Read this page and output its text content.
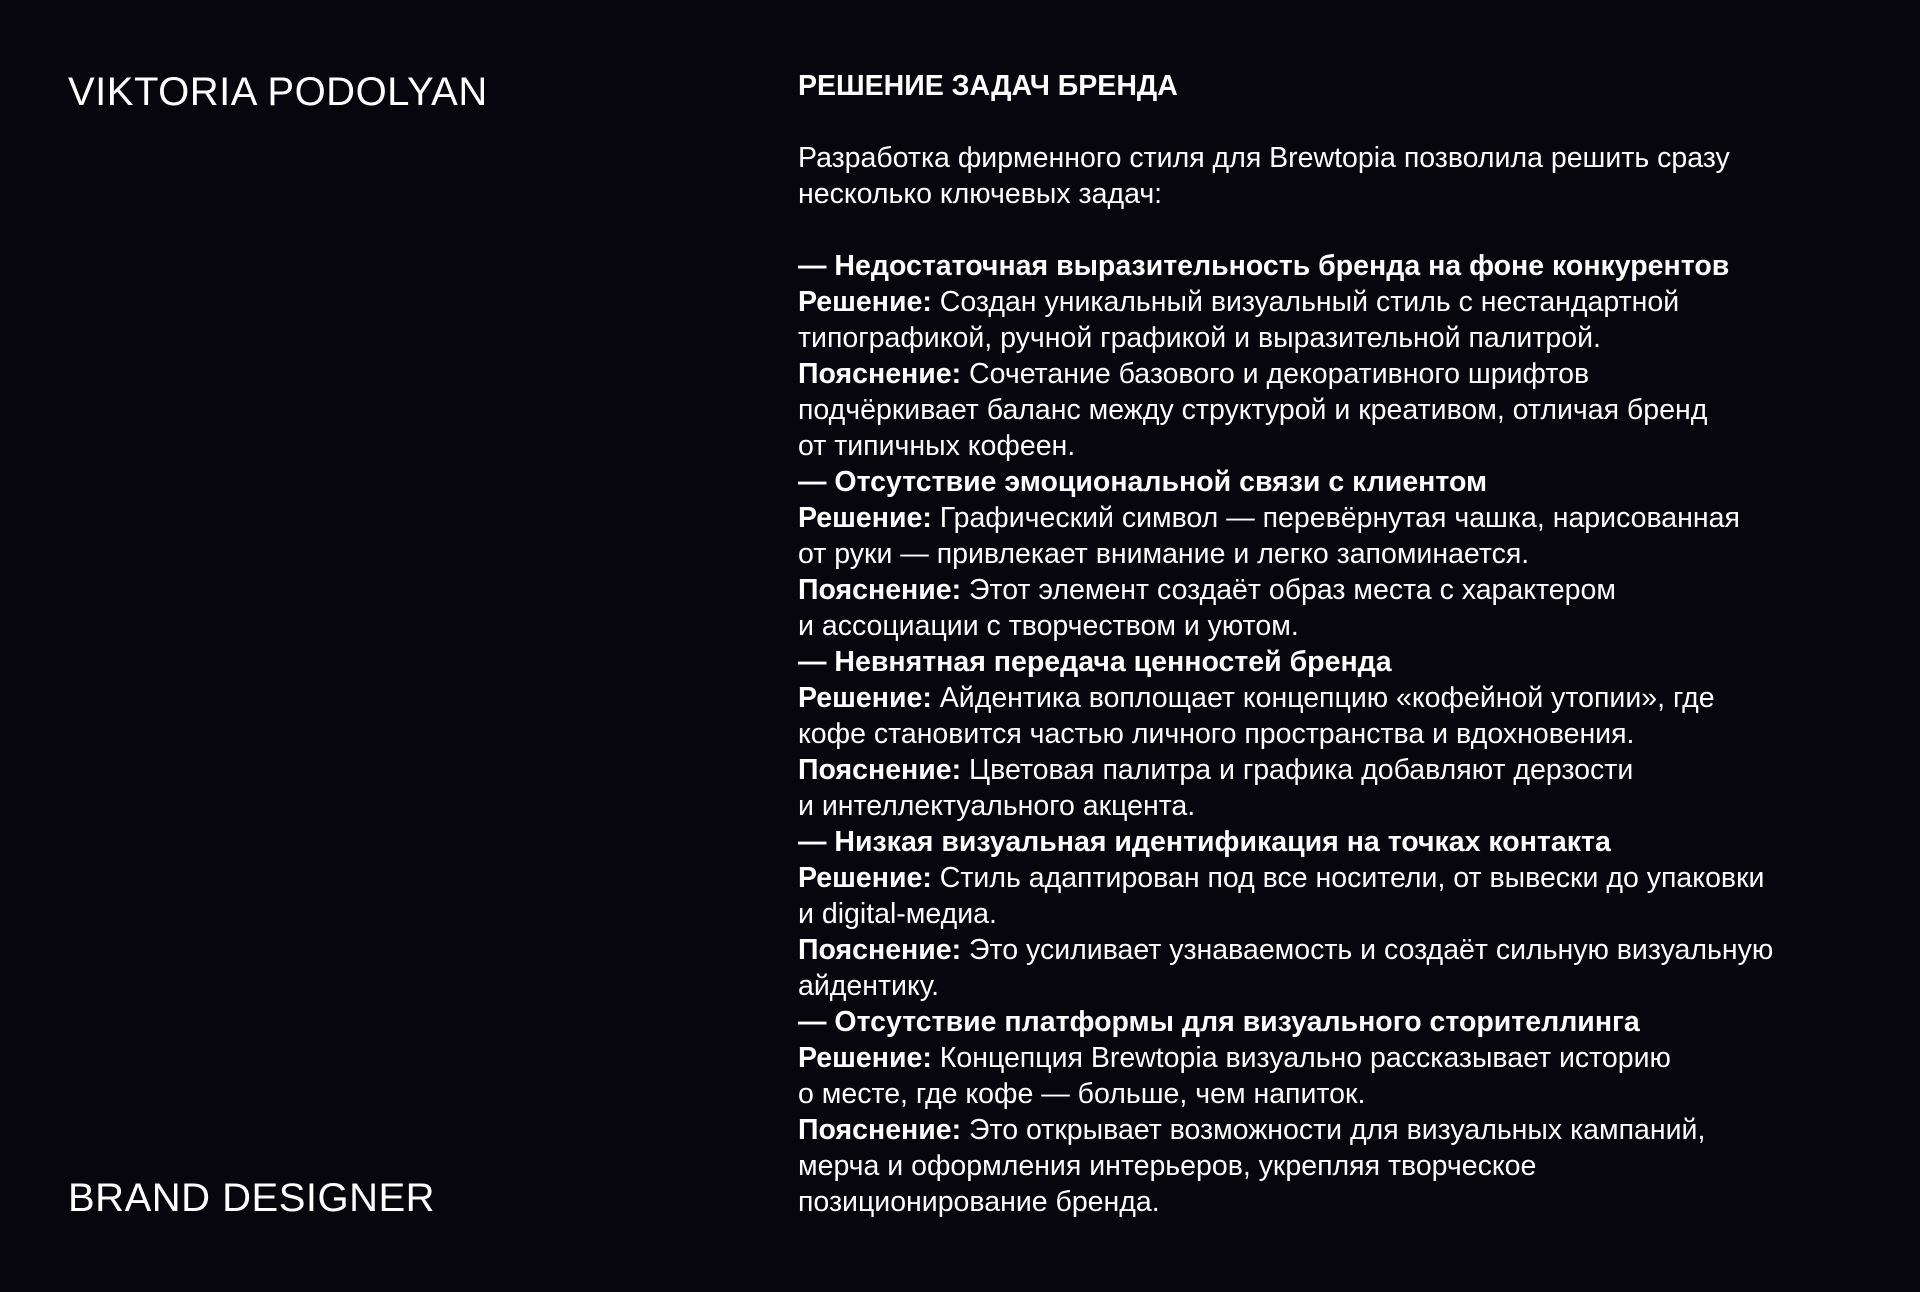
VIKTORIA PODOLYAN
BRAND DESIGNER
РЕШЕНИЕ ЗАДАЧ БРЕНДА
Разработка фирменного стиля для Brewtopia позволила решить сразу
несколько ключевых задач:
— Недостаточная выразительность бренда на фоне конкурентов
Решение: Создан уникальный визуальный стиль с нестандартной
типографикой, ручной графикой и выразительной палитрой.
Пояснение: Сочетание базового и декоративного шрифтов
подчёркивает баланс между структурой и креативом, отличая бренд
от типичных кофеен.
— Отсутствие эмоциональной связи с клиентом
Решение: Графический символ — перевёрнутая чашка, нарисованная
от руки — привлекает внимание и легко запоминается.
Пояснение: Этот элемент создаёт образ места с характером
и ассоциации с творчеством и уютом.
— Невнятная передача ценностей бренда
Решение: Айдентика воплощает концепцию «кофейной утопии», где
кофе становится частью личного пространства и вдохновения.
Пояснение: Цветовая палитра и графика добавляют дерзости
и интеллектуального акцента.
— Низкая визуальная идентификация на точках контакта
Решение: Стиль адаптирован под все носители, от вывески до упаковки
и digital-медиа.
Пояснение: Это усиливает узнаваемость и создаёт сильную визуальную
айдентику.
— Отсутствие платформы для визуального сторителлинга
Решение: Концепция Brewtopia визуально рассказывает историю
о месте, где кофе — больше, чем напиток.
Пояснение: Это открывает возможности для визуальных кампаний,
мерча и оформления интерьеров, укрепляя творческое
позиционирование бренда.
